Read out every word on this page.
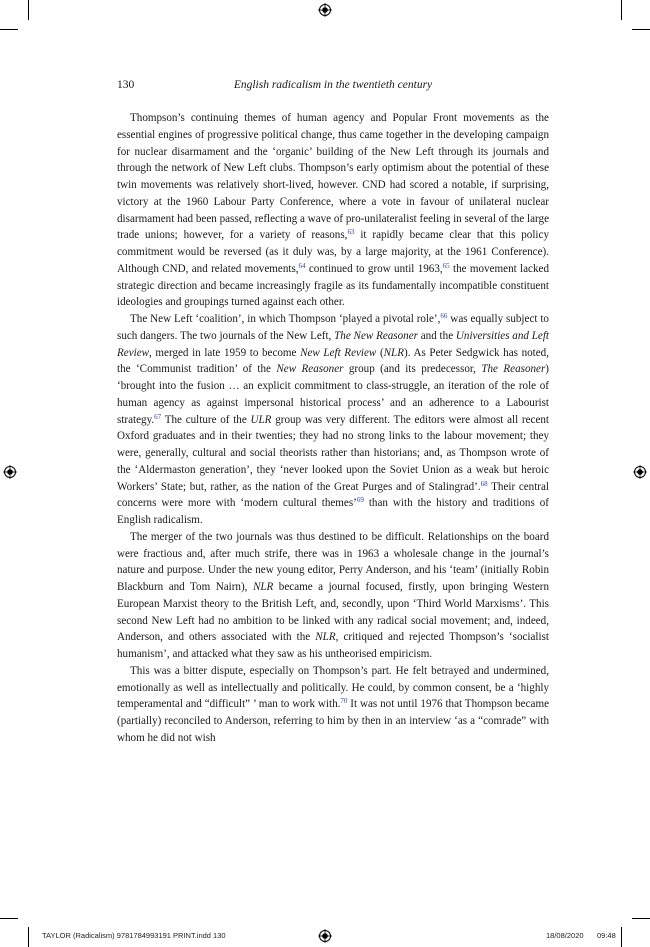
130	English radicalism in the twentieth century

Thompson’s continuing themes of human agency and Popular Front movements as the essential engines of progressive political change, thus came together in the developing campaign for nuclear disarmament and the ‘organic’ building of the New Left through its journals and through the network of New Left clubs. Thompson’s early optimism about the potential of these twin movements was relatively short-lived, however. CND had scored a notable, if surprising, victory at the 1960 Labour Party Conference, where a vote in favour of unilateral nuclear disarmament had been passed, reflecting a wave of pro-unilateralist feeling in several of the large trade unions; however, for a variety of reasons,$^{63}$ it rapidly became clear that this policy commitment would be reversed (as it duly was, by a large majority, at the 1961 Conference). Although CND, and related movements,$^{64}$ continued to grow until 1963,65 the movement lacked strategic direction and became increasingly fragile as its fundamentally incompatible constituent ideologies and groupings turned against each other.

The New Left ‘coalition’, in which Thompson ‘played a pivotal role’,$^{66}$ was equally subject to such dangers. The two journals of the New Left, The New Reasoner and the Universities and Left Review, merged in late 1959 to become New Left Review (NLR). As Peter Sedgwick has noted, the ‘Communist tradition’ of the New Reasoner group (and its predecessor, The Reasoner) ‘brought into the fusion … an explicit commitment to class-struggle, an iteration of the role of human agency as against impersonal historical process’ and an adherence to a Labourist strategy.$^{67}$ The culture of the ULR group was very different. The editors were almost all recent Oxford graduates and in their twenties; they had no strong links to the labour movement; they were, generally, cultural and social theorists rather than historians; and, as Thompson wrote of the ‘Aldermaston generation’, they ‘never looked upon the Soviet Union as a weak but heroic Workers’ State; but, rather, as the nation of the Great Purges and of Stalingrad’.$^{68}$ Their central concerns were more with ‘modern cultural themes’$^{69}$ than with the history and traditions of English radicalism.

The merger of the two journals was thus destined to be difficult. Relationships on the board were fractious and, after much strife, there was in 1963 a wholesale change in the journal’s nature and purpose. Under the new young editor, Perry Anderson, and his ‘team’ (initially Robin Blackburn and Tom Nairn), NLR became a journal focused, firstly, upon bringing Western European Marxist theory to the British Left, and, secondly, upon ‘Third World Marxisms’. This second New Left had no ambition to be linked with any radical social movement; and, indeed, Anderson, and others associated with the NLR, critiqued and rejected Thompson’s ‘socialist humanism’, and attacked what they saw as his untheorised empiricism.

This was a bitter dispute, especially on Thompson’s part. He felt betrayed and undermined, emotionally as well as intellectually and politically. He could, by common consent, be a ‘highly temperamental and “difficult” ’ man to work with.$^{70}$ It was not until 1976 that Thompson became (partially) reconciled to Anderson, referring to him by then in an interview ‘as a “comrade” with whom he did not wish

TAYLOR (Radicalism) 9781784993191 PRINT.indd 130	18/08/2020 09:48
